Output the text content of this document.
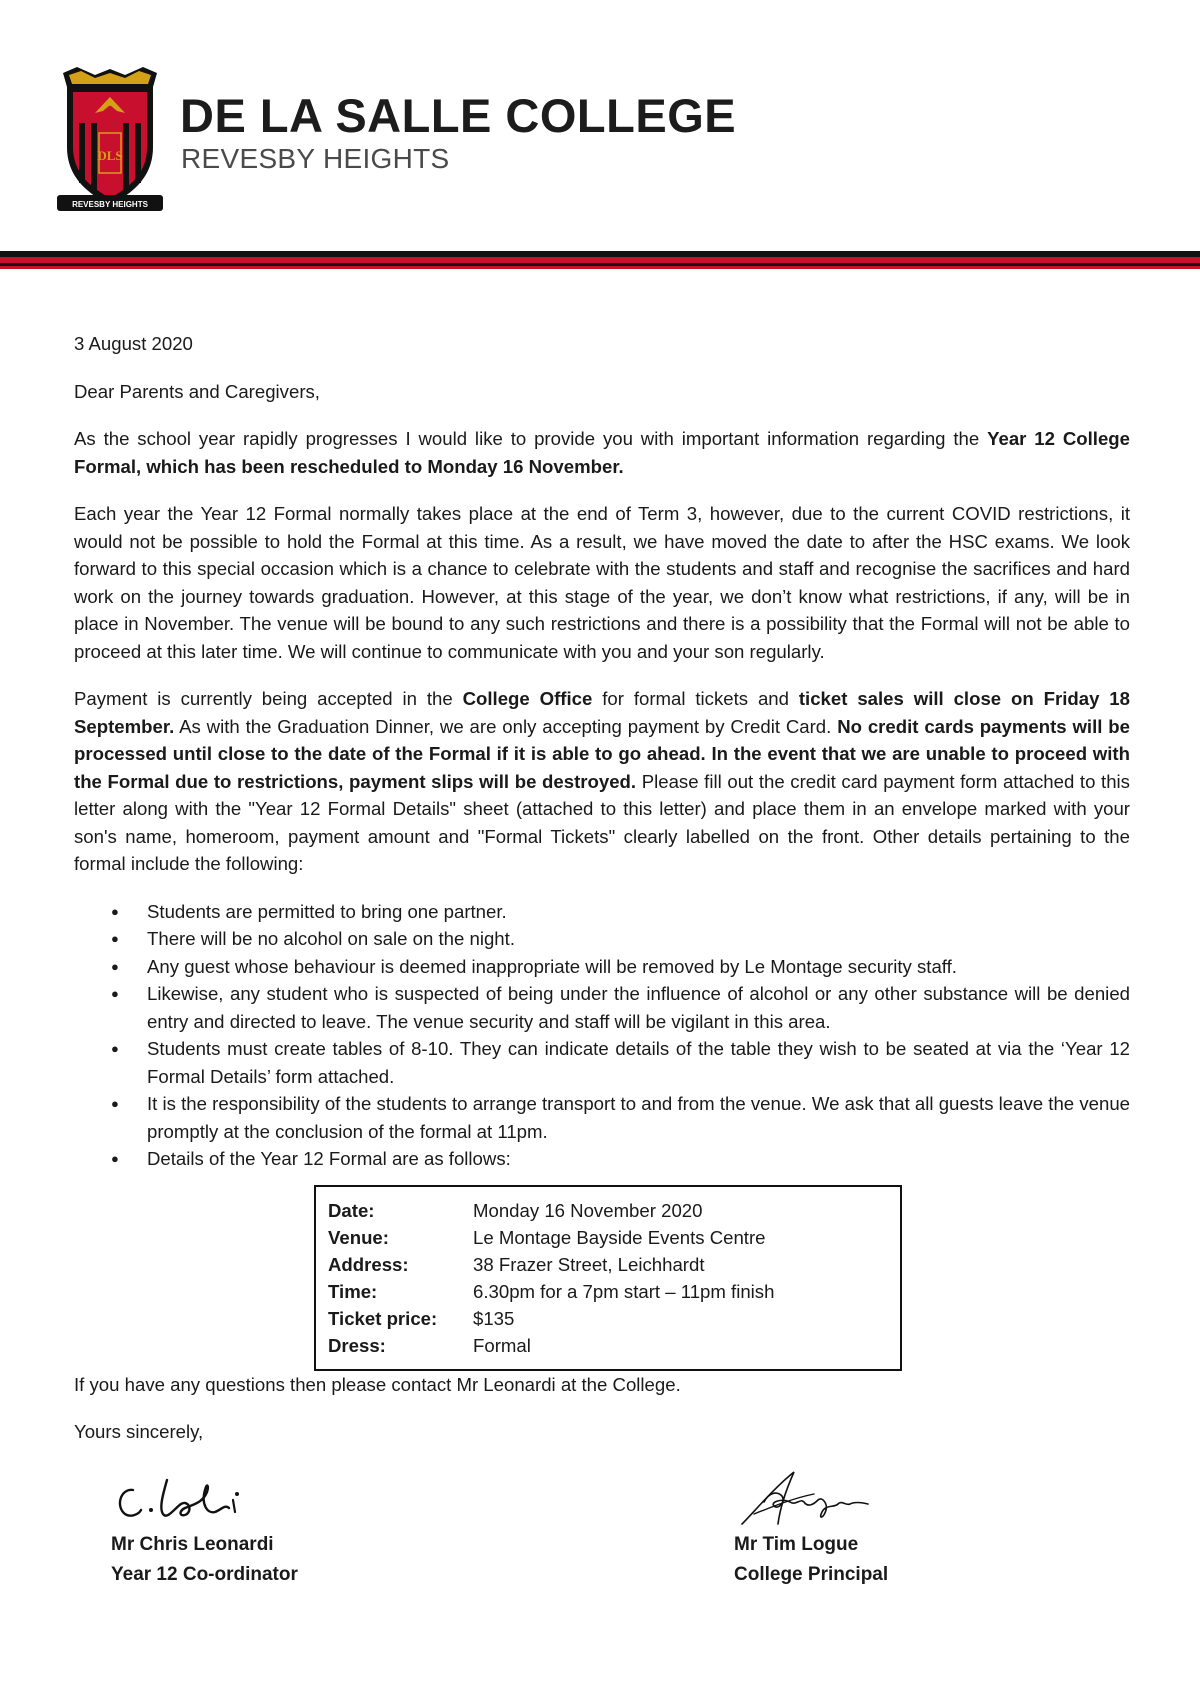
DLS
REVESBY HEIGHTS
DE LA SALLE COLLEGE
REVESBY HEIGHTS

3 August 2020

Dear Parents and Caregivers,

As the school year rapidly progresses I would like to provide you with important information regarding the Year 12 College Formal, which has been rescheduled to Monday 16 November.

Each year the Year 12 Formal normally takes place at the end of Term 3, however, due to the current COVID restrictions, it would not be possible to hold the Formal at this time. As a result, we have moved the date to after the HSC exams. We look forward to this special occasion which is a chance to celebrate with the students and staff and recognise the sacrifices and hard work on the journey towards graduation. However, at this stage of the year, we don’t know what restrictions, if any, will be in place in November. The venue will be bound to any such restrictions and there is a possibility that the Formal will not be able to proceed at this later time. We will continue to communicate with you and your son regularly.

Payment is currently being accepted in the College Office for formal tickets and ticket sales will close on Friday 18 September. As with the Graduation Dinner, we are only accepting payment by Credit Card. No credit cards payments will be processed until close to the date of the Formal if it is able to go ahead. In the event that we are unable to proceed with the Formal due to restrictions, payment slips will be destroyed. Please fill out the credit card payment form attached to this letter along with the "Year 12 Formal Details" sheet (attached to this letter) and place them in an envelope marked with your son's name, homeroom, payment amount and "Formal Tickets" clearly labelled on the front. Other details pertaining to the formal include the following:

● Students are permitted to bring one partner.
● There will be no alcohol on sale on the night.
● Any guest whose behaviour is deemed inappropriate will be removed by Le Montage security staff.
● Likewise, any student who is suspected of being under the influence of alcohol or any other substance will be denied entry and directed to leave. The venue security and staff will be vigilant in this area.
● Students must create tables of 8-10. They can indicate details of the table they wish to be seated at via the ‘Year 12 Formal Details’ form attached.
● It is the responsibility of the students to arrange transport to and from the venue. We ask that all guests leave the venue promptly at the conclusion of the formal at 11pm.
● Details of the Year 12 Formal are as follows:
Date:	Monday 16 November 2020
Venue:	Le Montage Bayside Events Centre
Address:	38 Frazer Street, Leichhardt
Time:	6.30pm for a 7pm start – 11pm finish
Ticket price:	$135
Dress:	Formal

If you have any questions then please contact Mr Leonardi at the College.

Yours sincerely,

Mr Chris Leonardi
Year 12 Co-ordinator
Mr Tim Logue
College Principal
